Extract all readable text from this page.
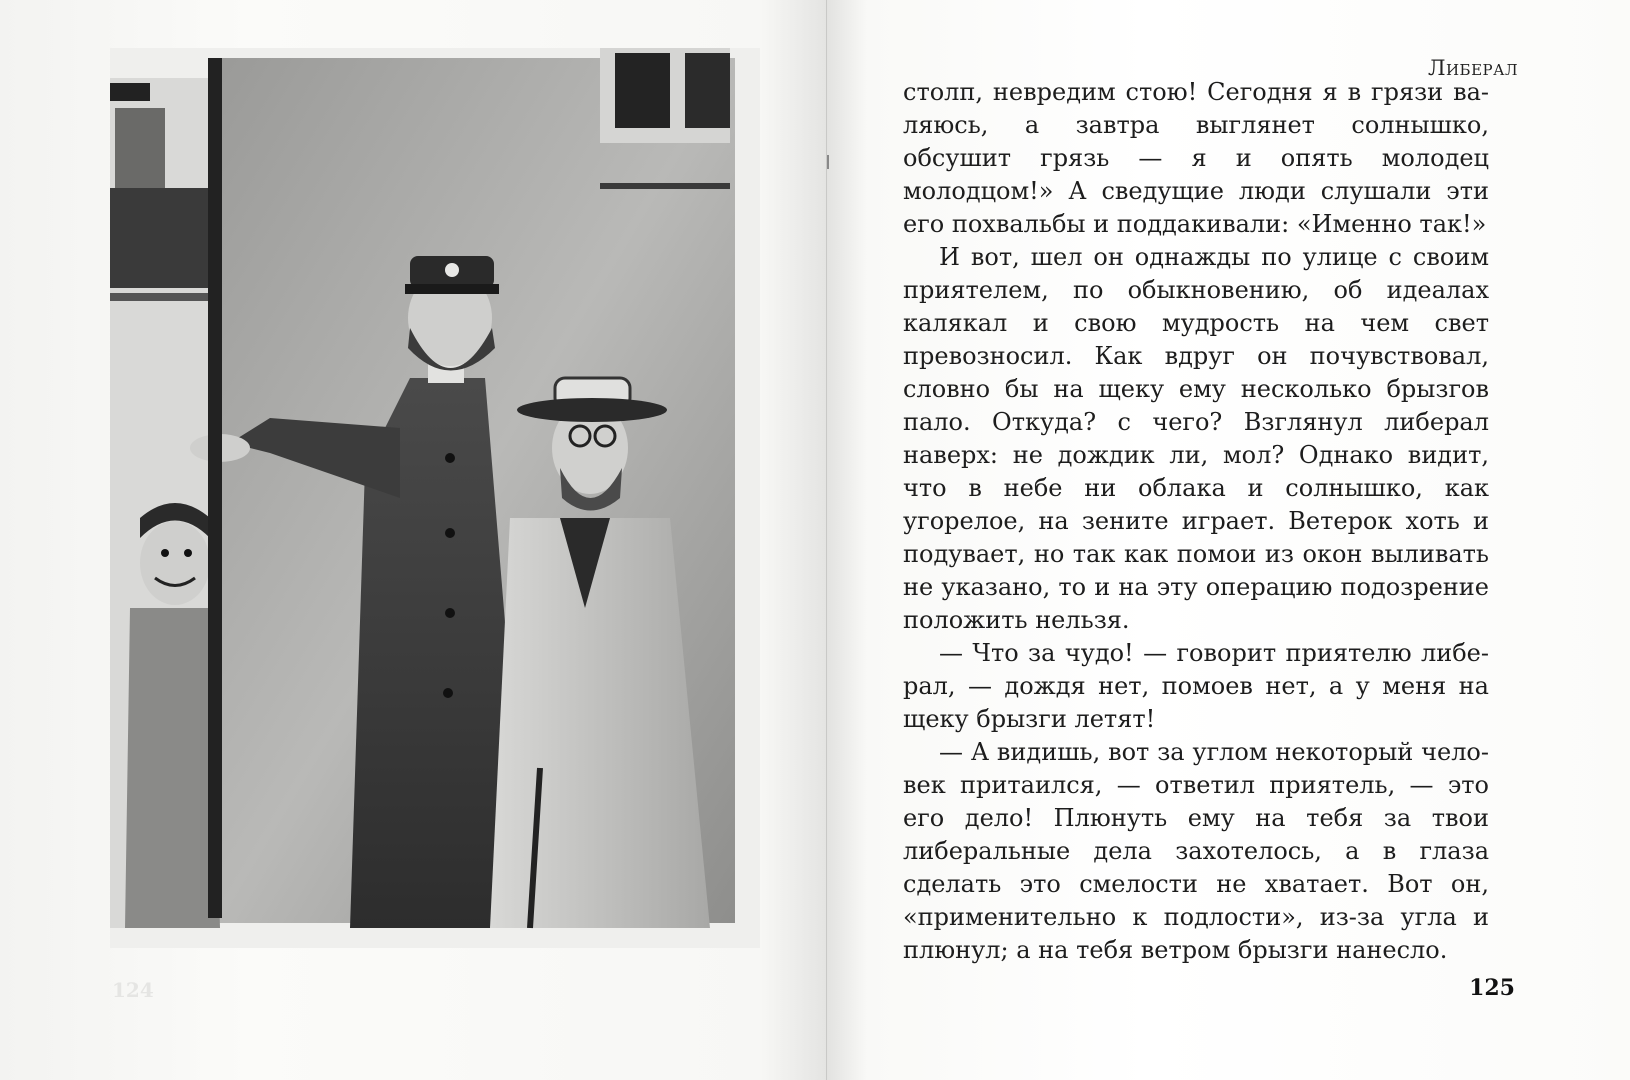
124
Либерал

столп, невредим стою! Сегодня я в грязи валяюсь, а завтра выглянет солнышко, обсушит грязь — я и опять молодец молодцом!» А сведущие люди слушали эти его похвальбы и поддакивали: «Именно так!»

И вот, шел он однажды по улице с своим приятелем, по обыкновению, об идеалах калякал и свою мудрость на чем свет превозносил. Как вдруг он почувствовал, словно бы на щеку ему несколько брызгов пало. Откуда? с чего? Взглянул либерал наверх: не дождик ли, мол? Однако видит, что в небе ни облака и солнышко, как угорелое, на зените играет. Ветерок хоть и подувает, но так как помои из окон выливать не указано, то и на эту операцию подозрение положить нельзя.

— Что за чудо! — говорит приятелю либерал, — дождя нет, помоев нет, а у меня на щеку брызги летят!

— А видишь, вот за углом некоторый человек притаился, — ответил приятель, — это его дело! Плюнуть ему на тебя за твои либеральные дела захотелось, а в глаза сделать это смелости не хватает. Вот он, «применительно к подлости», из-за угла и плюнул; а на тебя ветром брызги нанесло.

125
